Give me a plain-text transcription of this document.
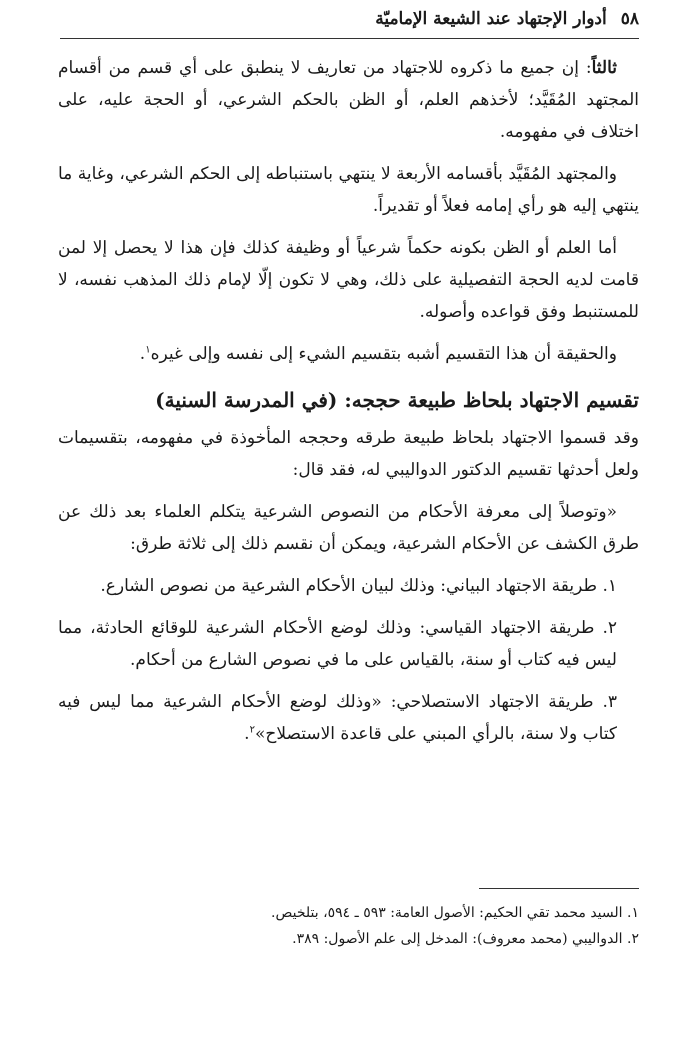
٥٨
أدوار الإجتهاد عند الشيعة الإماميّة

ثالثاً: إن جميع ما ذكروه للاجتهاد من تعاريف لا ينطبق على أي قسم من أقسام المجتهد المُقَيَّد؛ لأخذهم العلم، أو الظن بالحكم الشرعي، أو الحجة عليه، على اختلاف في مفهومه.

والمجتهد المُقَيَّد بأقسامه الأربعة لا ينتهي باستنباطه إلى الحكم الشرعي، وغاية ما ينتهي إليه هو رأي إمامه فعلاً أو تقديراً.

أما العلم أو الظن بكونه حكماً شرعياً أو وظيفة كذلك فإن هذا لا يحصل إلا لمن قامت لديه الحجة التفصيلية على ذلك، وهي لا تكون إلّا لإمام ذلك المذهب نفسه، لا للمستنبط وفق قواعده وأصوله.

والحقيقة أن هذا التقسيم أشبه بتقسيم الشيء إلى نفسه وإلى غيره$^١$.

تقسيم الاجتهاد بلحاظ طبيعة حججه: (في المدرسة السنية)

وقد قسموا الاجتهاد بلحاظ طبيعة طرقه وحججه المأخوذة في مفهومه، بتقسيمات ولعل أحدثها تقسيم الدكتور الدواليبي له، فقد قال:

«وتوصلاً إلى معرفة الأحكام من النصوص الشرعية يتكلم العلماء بعد ذلك عن طرق الكشف عن الأحكام الشرعية، ويمكن أن نقسم ذلك إلى ثلاثة طرق:

١. طريقة الاجتهاد البياني: وذلك لبيان الأحكام الشرعية من نصوص الشارع.

٢. طريقة الاجتهاد القياسي: وذلك لوضع الأحكام الشرعية للوقائع الحادثة، مما ليس فيه كتاب أو سنة، بالقياس على ما في نصوص الشارع من أحكام.

٣. طريقة الاجتهاد الاستصلاحي: «وذلك لوضع الأحكام الشرعية مما ليس فيه كتاب ولا سنة، بالرأي المبني على قاعدة الاستصلاح»$^٢$.

١. السيد محمد تقي الحكيم: الأصول العامة: ٥٩٣ ـ ٥٩٤، بتلخيص.
٢. الدواليبي (محمد معروف): المدخل إلى علم الأصول: ٣٨٩.
